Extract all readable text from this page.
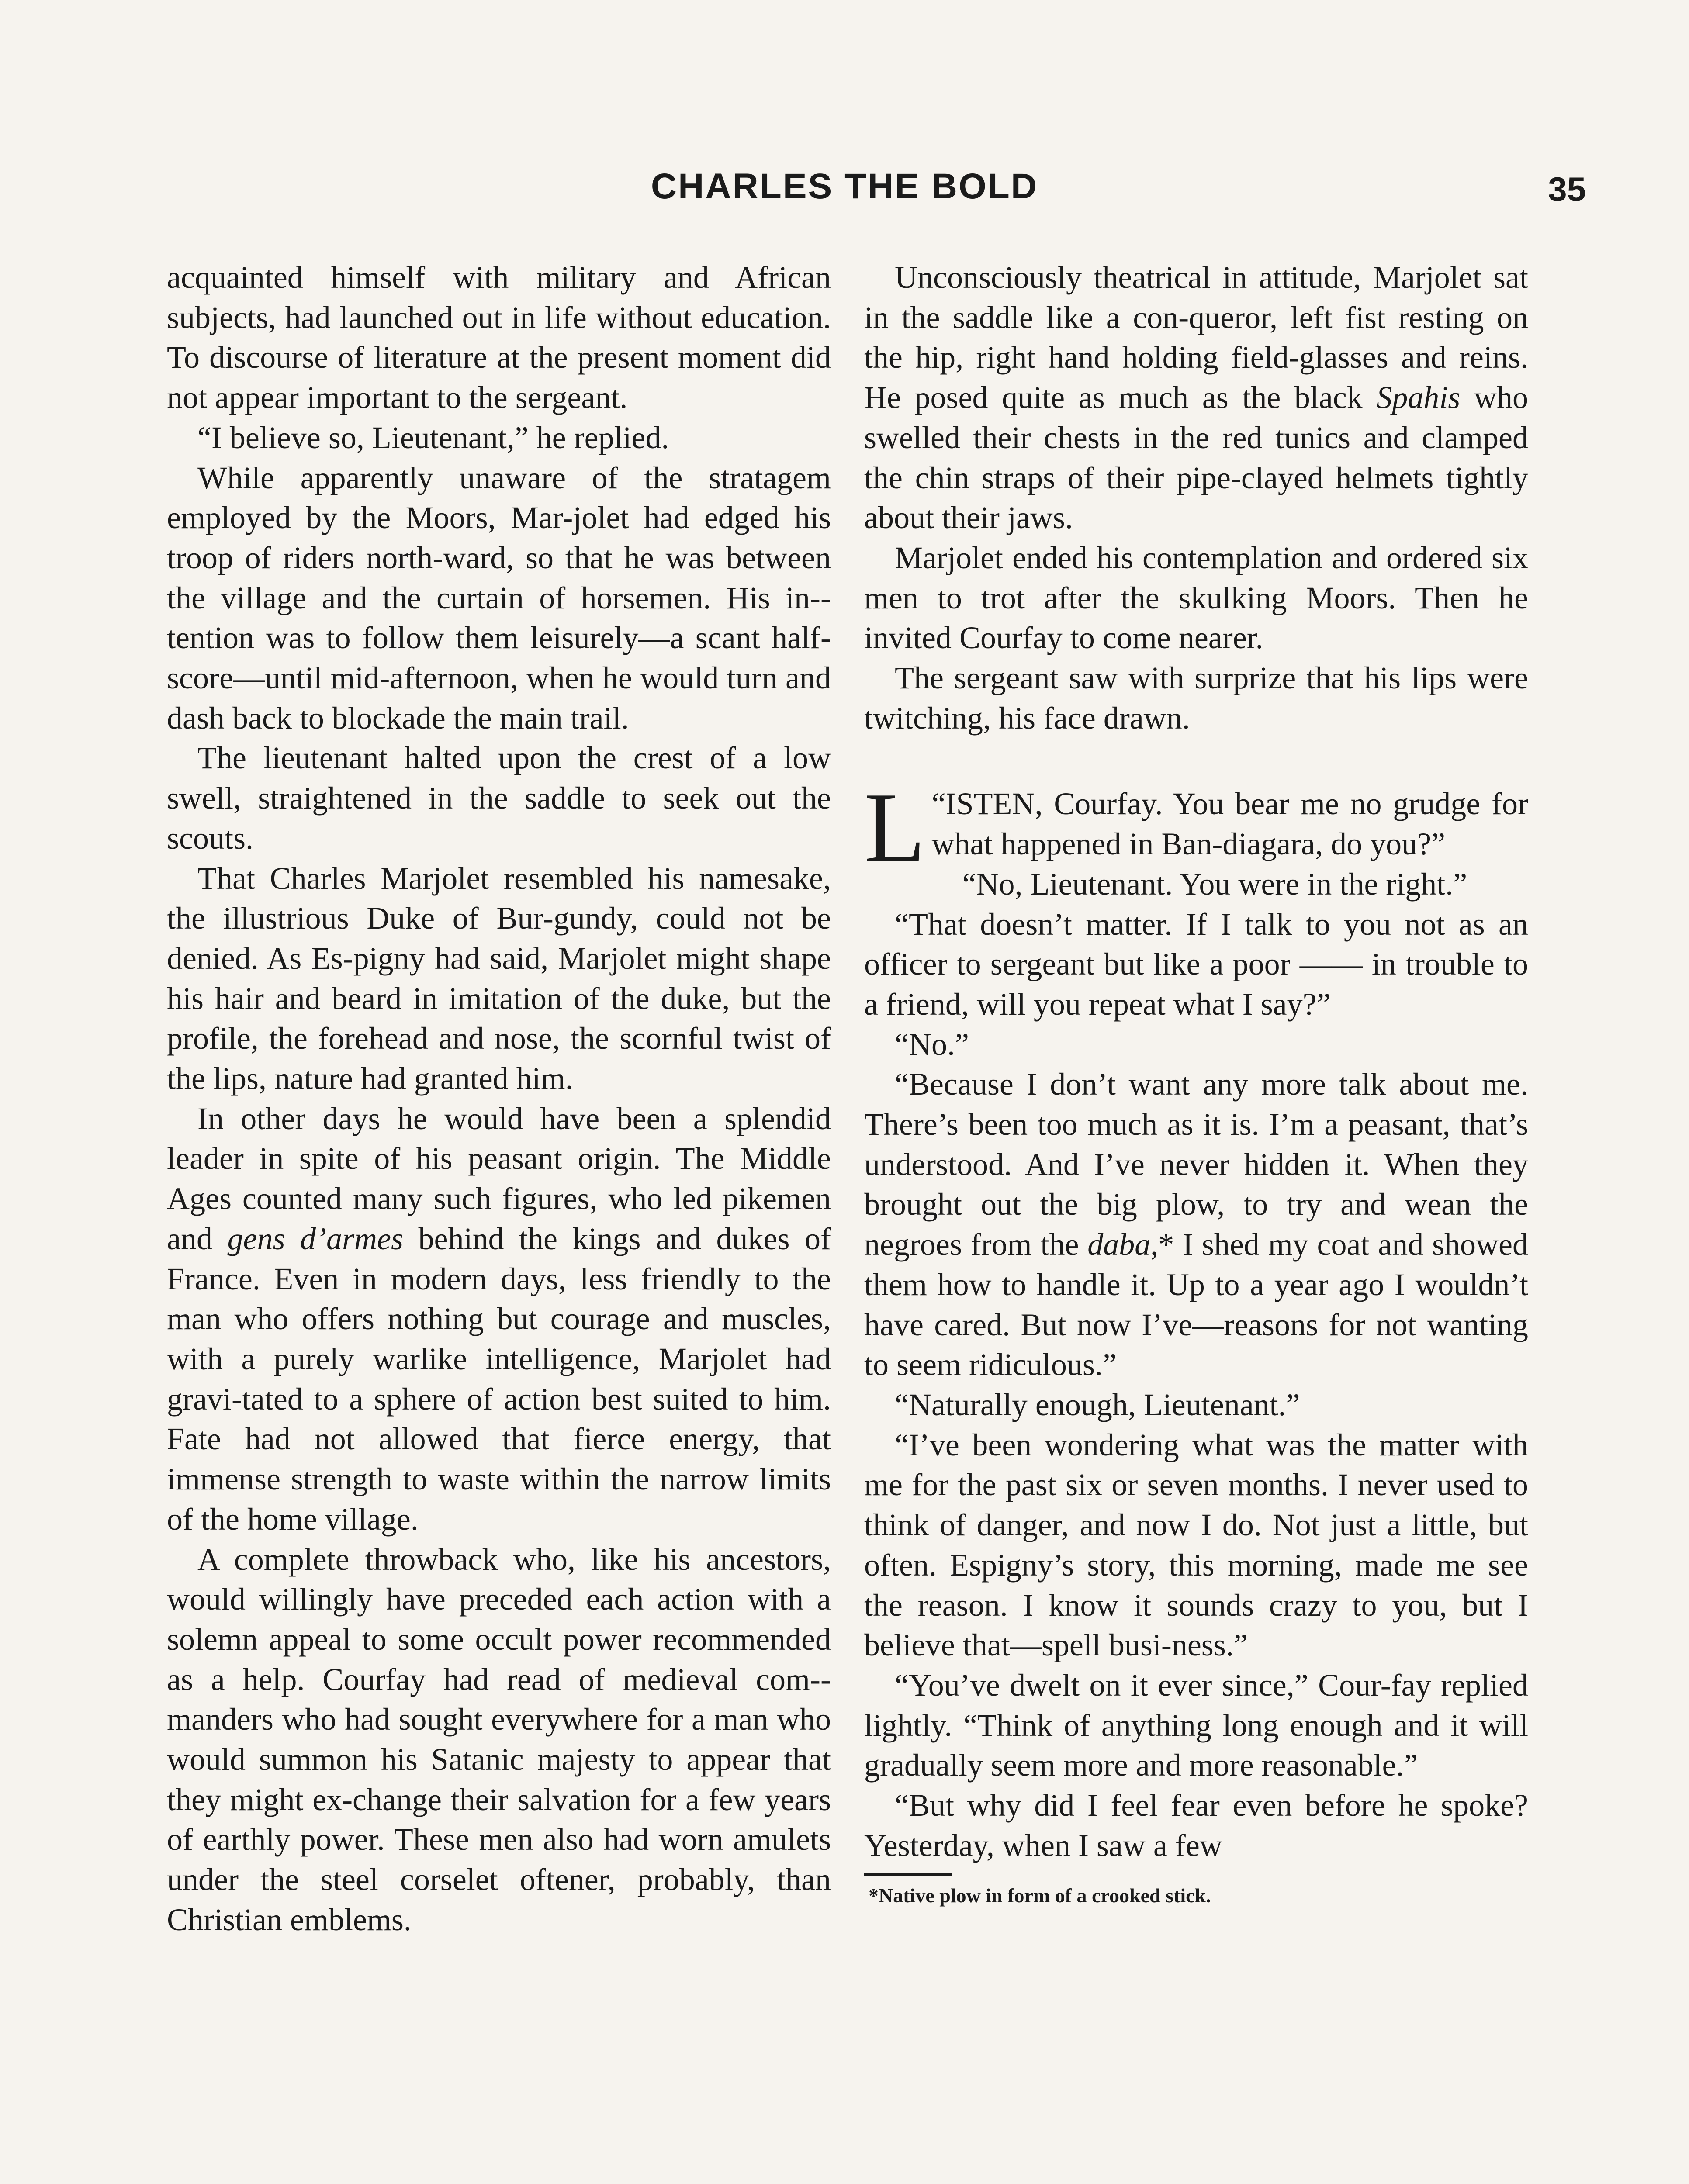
CHARLES THE BOLD	35

acquainted himself with military and African subjects, had launched out in life without education. To discourse of literature at the present moment did not appear important to the sergeant.

“I believe so, Lieutenant,” he replied.

While apparently unaware of the stratagem employed by the Moors, Mar-jolet had edged his troop of riders north-ward, so that he was between the village and the curtain of horsemen. His in-tention was to follow them leisurely—a scant half-score—until mid-afternoon, when he would turn and dash back to blockade the main trail.

The lieutenant halted upon the crest of a low swell, straightened in the saddle to seek out the scouts.

That Charles Marjolet resembled his namesake, the illustrious Duke of Bur-gundy, could not be denied. As Es-pigny had said, Marjolet might shape his hair and beard in imitation of the duke, but the profile, the forehead and nose, the scornful twist of the lips, nature had granted him.

In other days he would have been a splendid leader in spite of his peasant origin. The Middle Ages counted many such figures, who led pikemen and gens d’armes behind the kings and dukes of France. Even in modern days, less friendly to the man who offers nothing but courage and muscles, with a purely warlike intelligence, Marjolet had gravi-tated to a sphere of action best suited to him. Fate had not allowed that fierce energy, that immense strength to waste within the narrow limits of the home village.

A complete throwback who, like his ancestors, would willingly have preceded each action with a solemn appeal to some occult power recommended as a help. Courfay had read of medieval com-manders who had sought everywhere for a man who would summon his Satanic majesty to appear that they might ex-change their salvation for a few years of earthly power. These men also had worn amulets under the steel corselet oftener, probably, than Christian emblems.

Unconsciously theatrical in attitude, Marjolet sat in the saddle like a con-queror, left fist resting on the hip, right hand holding field-glasses and reins. He posed quite as much as the black Spahis who swelled their chests in the red tunics and clamped the chin straps of their pipe-clayed helmets tightly about their jaws.

Marjolet ended his contemplation and ordered six men to trot after the skulking Moors. Then he invited Courfay to come nearer.

The sergeant saw with surprize that his lips were twitching, his face drawn.

“
L ISTEN, Courfay. You bear me no grudge for what happened in Ban-diagara, do you?”

“No, Lieutenant. You were in the right.”

“That doesn’t matter. If I talk to you not as an officer to sergeant but like a poor —— in trouble to a friend, will you repeat what I say?”

“No.”

“Because I don’t want any more talk about me. There’s been too much as it is. I’m a peasant, that’s understood. And I’ve never hidden it. When they brought out the big plow, to try and wean the negroes from the daba,* I shed my coat and showed them how to handle it. Up to a year ago I wouldn’t have cared. But now I’ve—reasons for not wanting to seem ridiculous.”

“Naturally enough, Lieutenant.”

“I’ve been wondering what was the matter with me for the past six or seven months. I never used to think of danger, and now I do. Not just a little, but often. Espigny’s story, this morning, made me see the reason. I know it sounds crazy to you, but I believe that—spell busi-ness.”

“You’ve dwelt on it ever since,” Cour-fay replied lightly. “Think of anything long enough and it will gradually seem more and more reasonable.”

“But why did I feel fear even before he spoke? Yesterday, when I saw a few

*Native plow in form of a crooked stick.
